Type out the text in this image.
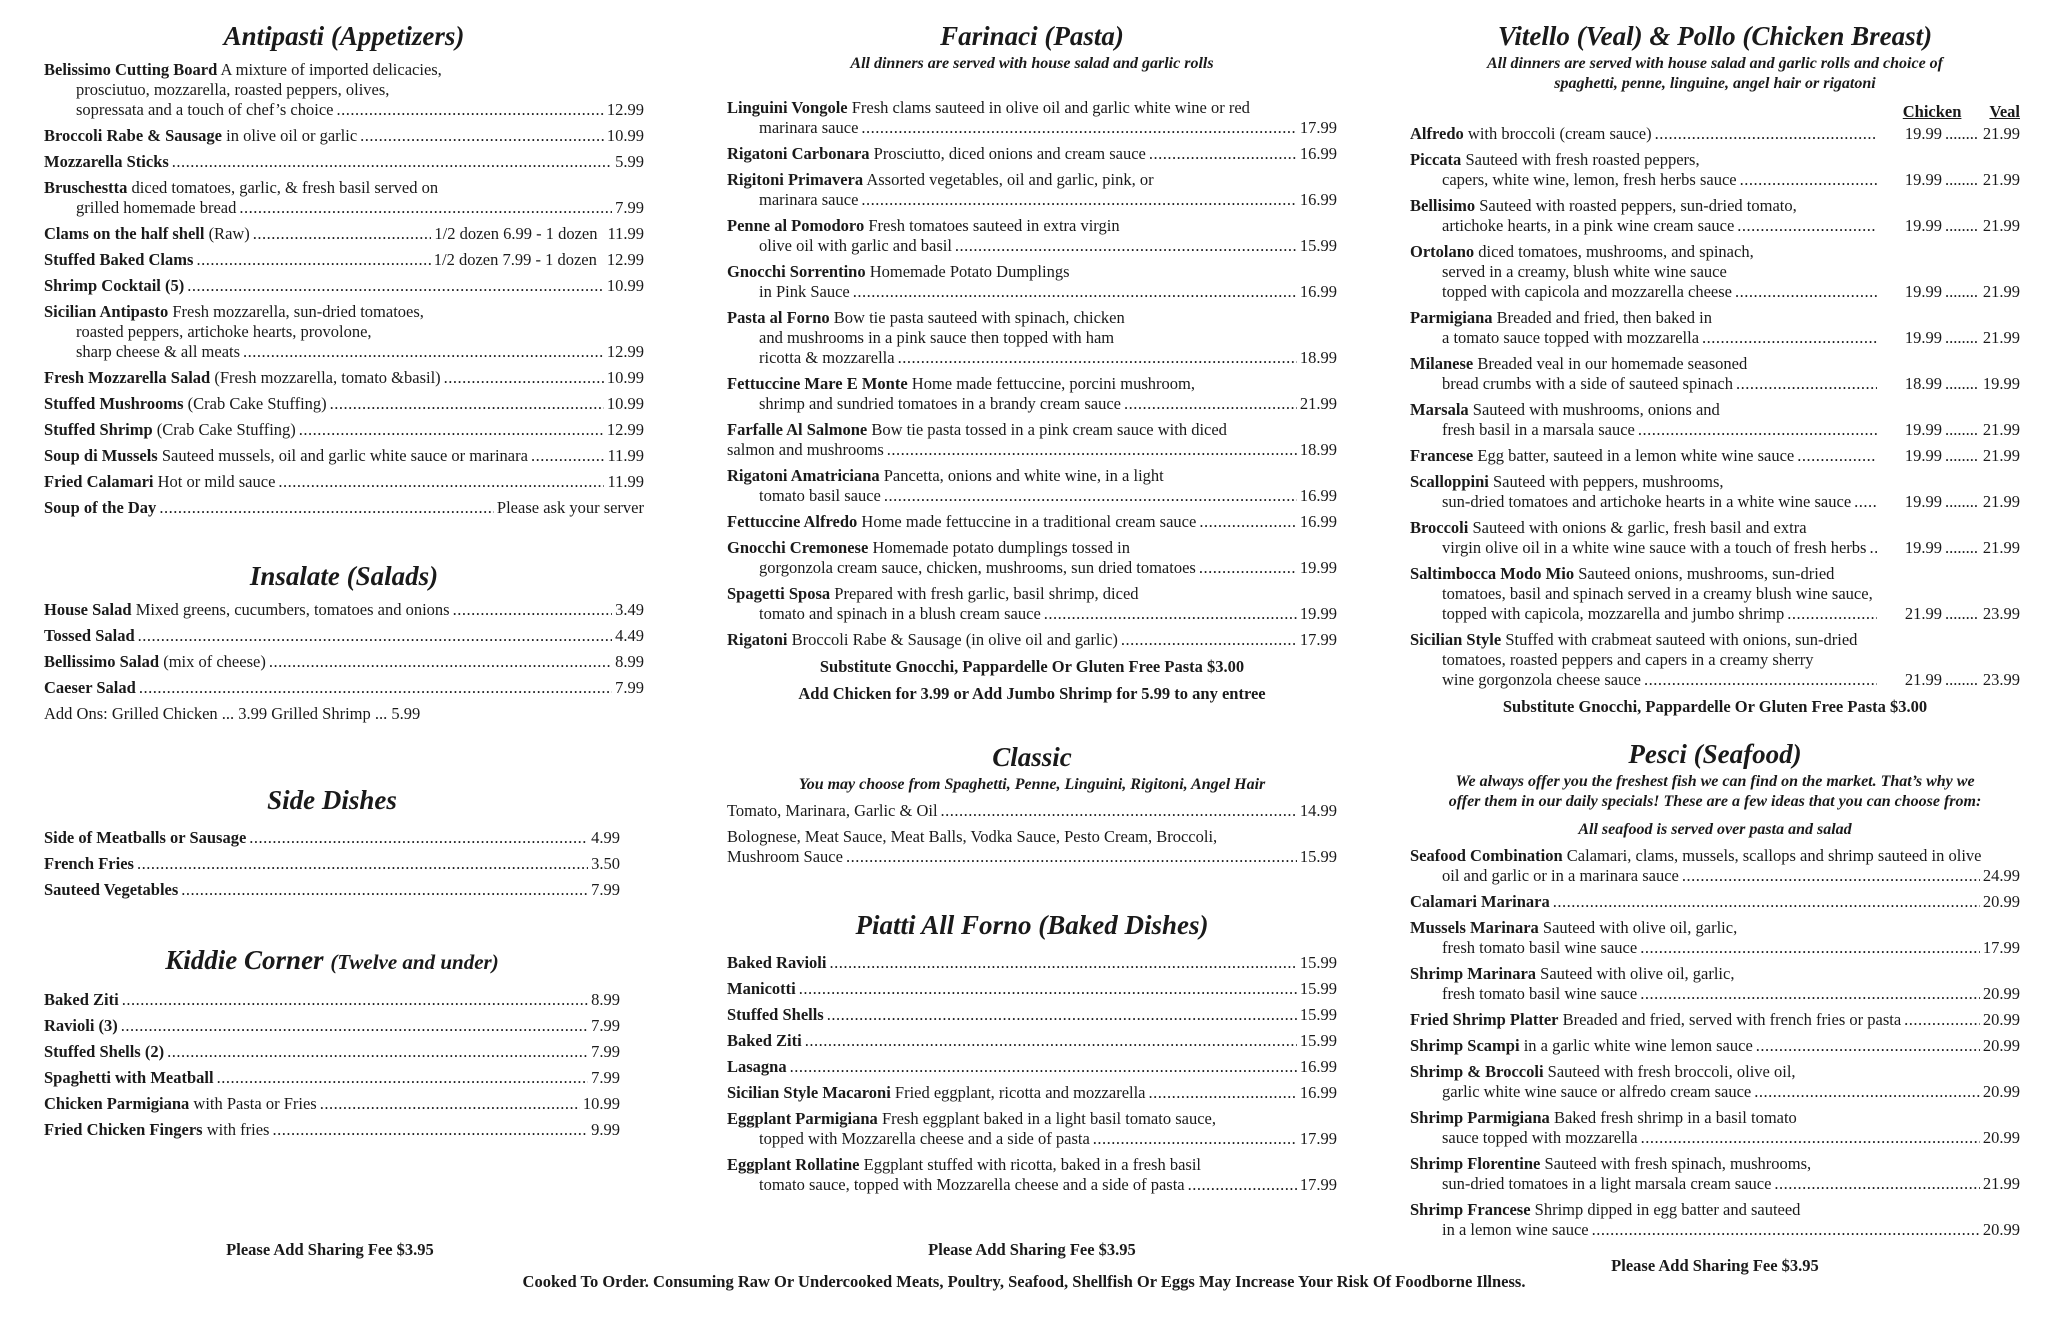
Antipasti (Appetizers)
Belissimo Cutting Board A mixture of imported delicacies,
prosciutuo, mozzarella, roasted peppers, olives,
sopressata and a touch of chef’s choice .....	12.99
Broccoli Rabe & Sausage in olive oil or garlic .....	10.99
Mozzarella Sticks .....	5.99
Bruschestta diced tomatoes, garlic, & fresh basil served on
grilled homemade bread .....	7.99
Clams on the half shell (Raw) .....	1/2 dozen 6.99 - 1 dozen 11.99
Stuffed Baked Clams .....	1/2 dozen 7.99 - 1 dozen 12.99
Shrimp Cocktail (5) .....	10.99
Sicilian Antipasto Fresh mozzarella, sun-dried tomatoes,
roasted peppers, artichoke hearts, provolone,
sharp cheese & all meats .....	12.99
Fresh Mozzarella Salad (Fresh mozzarella, tomato &basil) .....	10.99
Stuffed Mushrooms (Crab Cake Stuffing) .....	10.99
Stuffed Shrimp (Crab Cake Stuffing) .....	12.99
Soup di Mussels Sauteed mussels, oil and garlic white sauce or marinara .....	11.99
Fried Calamari Hot or mild sauce .....	11.99
Soup of the Day .....	Please ask your server
Insalate (Salads)
House Salad Mixed greens, cucumbers, tomatoes and onions .....	3.49
Tossed Salad .....	4.49
Bellissimo Salad (mix of cheese) .....	8.99
Caeser Salad .....	7.99
Add Ons: Grilled Chicken ... 3.99 Grilled Shrimp ... 5.99
Side Dishes
Side of Meatballs or Sausage .....	4.99
French Fries .....	3.50
Sauteed Vegetables .....	7.99
Kiddie Corner (Twelve and under)
Baked Ziti .....	8.99
Ravioli (3) .....	7.99
Stuffed Shells (2) .....	7.99
Spaghetti with Meatball .....	7.99
Chicken Parmigiana with Pasta or Fries .....	10.99
Fried Chicken Fingers with fries .....	9.99
Farinaci (Pasta)
All dinners are served with house salad and garlic rolls
Linguini Vongole Fresh clams sauteed in olive oil and garlic white wine or red
marinara sauce .....	17.99
Rigatoni Carbonara Prosciutto, diced onions and cream sauce .....	16.99
Rigitoni Primavera Assorted vegetables, oil and garlic, pink, or
marinara sauce .....	16.99
Penne al Pomodoro Fresh tomatoes sauteed in extra virgin
olive oil with garlic and basil .....	15.99
Gnocchi Sorrentino Homemade Potato Dumplings
in Pink Sauce .....	16.99
Pasta al Forno Bow tie pasta sauteed with spinach, chicken
and mushrooms in a pink sauce then topped with ham
ricotta & mozzarella .....	18.99
Fettuccine Mare E Monte Home made fettuccine, porcini mushroom,
shrimp and sundried tomatoes in a brandy cream sauce .....	21.99
Farfalle Al Salmone Bow tie pasta tossed in a pink cream sauce with diced
salmon and mushrooms .....	18.99
Rigatoni Amatriciana Pancetta, onions and white wine, in a light
tomato basil sauce .....	16.99
Fettuccine Alfredo Home made fettuccine in a traditional cream sauce .....	16.99
Gnocchi Cremonese Homemade potato dumplings tossed in
gorgonzola cream sauce, chicken, mushrooms, sun dried tomatoes .....	19.99
Spagetti Sposa Prepared with fresh garlic, basil shrimp, diced
tomato and spinach in a blush cream sauce .....	19.99
Rigatoni Broccoli Rabe & Sausage (in olive oil and garlic) .....	17.99
Substitute Gnocchi, Pappardelle Or Gluten Free Pasta $3.00
Add Chicken for 3.99 or Add Jumbo Shrimp for 5.99 to any entree
Classic
You may choose from Spaghetti, Penne, Linguini, Rigitoni, Angel Hair
Tomato, Marinara, Garlic & Oil .....	14.99
Bolognese, Meat Sauce, Meat Balls, Vodka Sauce, Pesto Cream, Broccoli,
Mushroom Sauce .....	15.99
Piatti All Forno (Baked Dishes)
Baked Ravioli .....	15.99
Manicotti .....	15.99
Stuffed Shells .....	15.99
Baked Ziti .....	15.99
Lasagna .....	16.99
Sicilian Style Macaroni Fried eggplant, ricotta and mozzarella .....	16.99
Eggplant Parmigiana Fresh eggplant baked in a light basil tomato sauce,
topped with Mozzarella cheese and a side of pasta .....	17.99
Eggplant Rollatine Eggplant stuffed with ricotta, baked in a fresh basil
tomato sauce, topped with Mozzarella cheese and a side of pasta .....	17.99
Vitello (Veal) & Pollo (Chicken Breast)
All dinners are served with house salad and garlic rolls and choice of
spaghetti, penne, linguine, angel hair or rigatoni
Chicken Veal
Alfredo with broccoli (cream sauce) .....	19.99 ..... 21.99
Piccata Sauteed with fresh roasted peppers,
capers, white wine, lemon, fresh herbs sauce .....	19.99 ..... 21.99
Bellisimo Sauteed with roasted peppers, sun-dried tomato,
artichoke hearts, in a pink wine cream sauce .....	19.99 ..... 21.99
Ortolano diced tomatoes, mushrooms, and spinach,
served in a creamy, blush white wine sauce
topped with capicola and mozzarella cheese .....	19.99 ..... 21.99
Parmigiana Breaded and fried, then baked in
a tomato sauce topped with mozzarella .....	19.99 ..... 21.99
Milanese Breaded veal in our homemade seasoned
bread crumbs with a side of sauteed spinach .....	18.99 ..... 19.99
Marsala Sauteed with mushrooms, onions and
fresh basil in a marsala sauce .....	19.99 ..... 21.99
Francese Egg batter, sauteed in a lemon white wine sauce .....	19.99 ..... 21.99
Scalloppini Sauteed with peppers, mushrooms,
sun-dried tomatoes and artichoke hearts in a white wine sauce .....	19.99 ..... 21.99
Broccoli Sauteed with onions & garlic, fresh basil and extra
virgin olive oil in a white wine sauce with a touch of fresh herbs .....	19.99 ..... 21.99
Saltimbocca Modo Mio Sauteed onions, mushrooms, sun-dried
tomatoes, basil and spinach served in a creamy blush wine sauce,
topped with capicola, mozzarella and jumbo shrimp .....	21.99 ..... 23.99
Sicilian Style Stuffed with crabmeat sauteed with onions, sun-dried
tomatoes, roasted peppers and capers in a creamy sherry
wine gorgonzola cheese sauce .....	21.99 ..... 23.99
Substitute Gnocchi, Pappardelle Or Gluten Free Pasta $3.00
Pesci (Seafood)
We always offer you the freshest fish we can find on the market. That’s why we
offer them in our daily specials! These are a few ideas that you can choose from:
All seafood is served over pasta and salad
Seafood Combination Calamari, clams, mussels, scallops and shrimp sauteed in olive
oil and garlic or in a marinara sauce .....	24.99
Calamari Marinara .....	20.99
Mussels Marinara Sauteed with olive oil, garlic,
fresh tomato basil wine sauce .....	17.99
Shrimp Marinara Sauteed with olive oil, garlic,
fresh tomato basil wine sauce .....	20.99
Fried Shrimp Platter Breaded and fried, served with french fries or pasta .....	20.99
Shrimp Scampi in a garlic white wine lemon sauce .....	20.99
Shrimp & Broccoli Sauteed with fresh broccoli, olive oil,
garlic white wine sauce or alfredo cream sauce .....	20.99
Shrimp Parmigiana Baked fresh shrimp in a basil tomato
sauce topped with mozzarella .....	20.99
Shrimp Florentine Sauteed with fresh spinach, mushrooms,
sun-dried tomatoes in a light marsala cream sauce .....	21.99
Shrimp Francese Shrimp dipped in egg batter and sauteed
in a lemon wine sauce .....	20.99
Please Add Sharing Fee $3.95	Please Add Sharing Fee $3.95
Please Add Sharing Fee $3.95
Cooked To Order. Consuming Raw Or Undercooked Meats, Poultry, Seafood, Shellfish Or Eggs May Increase Your Risk Of Foodborne Illness.
